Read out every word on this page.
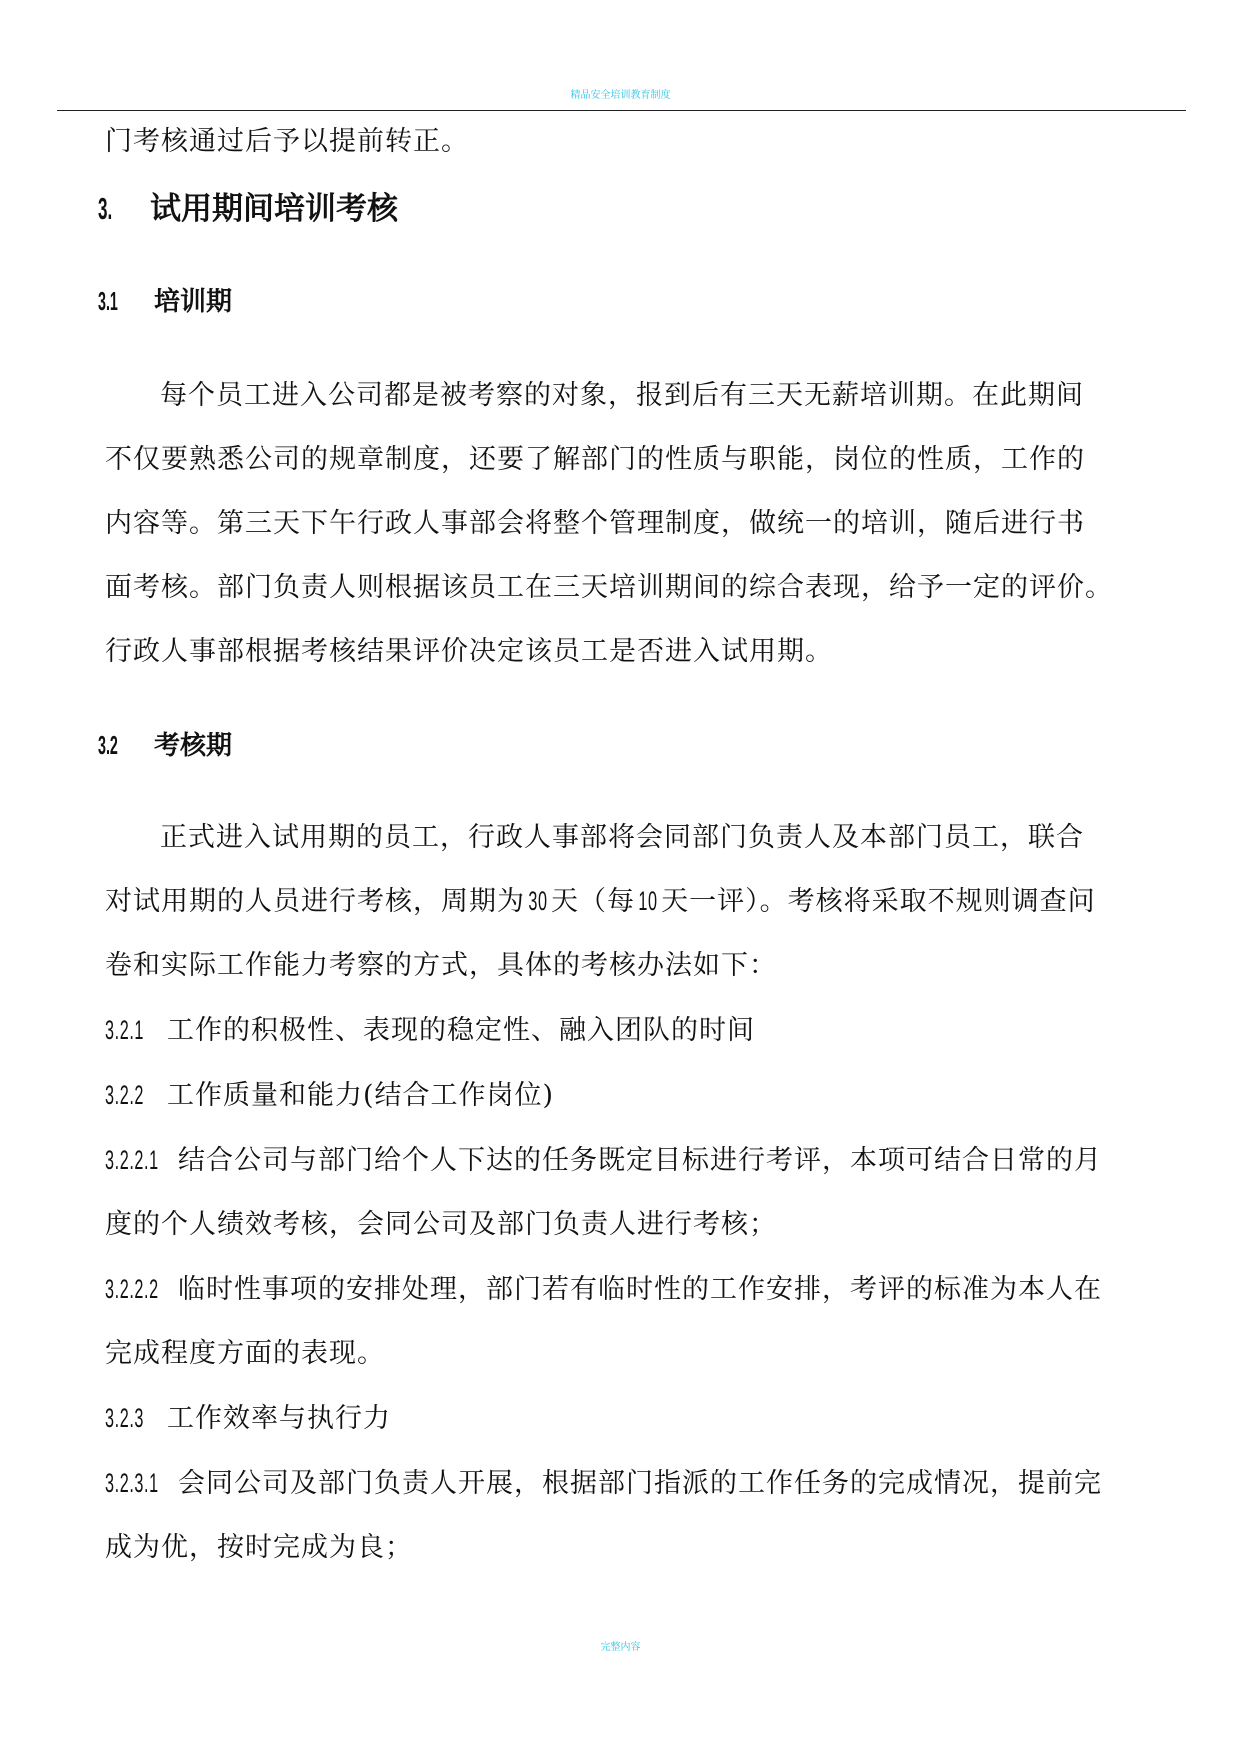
精品安全培训教育制度
门考核通过后予以提前转正。
3. 试用期间培训考核
3.1 培训期
每个员工进入公司都是被考察的对象，报到后有三天无薪培训期。在此期间
不仅要熟悉公司的规章制度，还要了解部门的性质与职能，岗位的性质，工作的
内容等。第三天下午行政人事部会将整个管理制度，做统一的培训，随后进行书
面考核。部门负责人则根据该员工在三天培训期间的综合表现，给予一定的评价。
行政人事部根据考核结果评价决定该员工是否进入试用期。
3.2 考核期
正式进入试用期的员工，行政人事部将会同部门负责人及本部门员工，联合
对试用期的人员进行考核，周期为 30 天（每 10 天一评）。考核将采取不规则调查问
卷和实际工作能力考察的方式，具体的考核办法如下：
3.2.1 工作的积极性、表现的稳定性、融入团队的时间
3.2.2 工作质量和能力(结合工作岗位)
3.2.2.1 结合公司与部门给个人下达的任务既定目标进行考评，本项可结合日常的月
度的个人绩效考核，会同公司及部门负责人进行考核；
3.2.2.2 临时性事项的安排处理，部门若有临时性的工作安排，考评的标准为本人在
完成程度方面的表现。
3.2.3 工作效率与执行力
3.2.3.1 会同公司及部门负责人开展，根据部门指派的工作任务的完成情况，提前完
成为优，按时完成为良；
完整内容
